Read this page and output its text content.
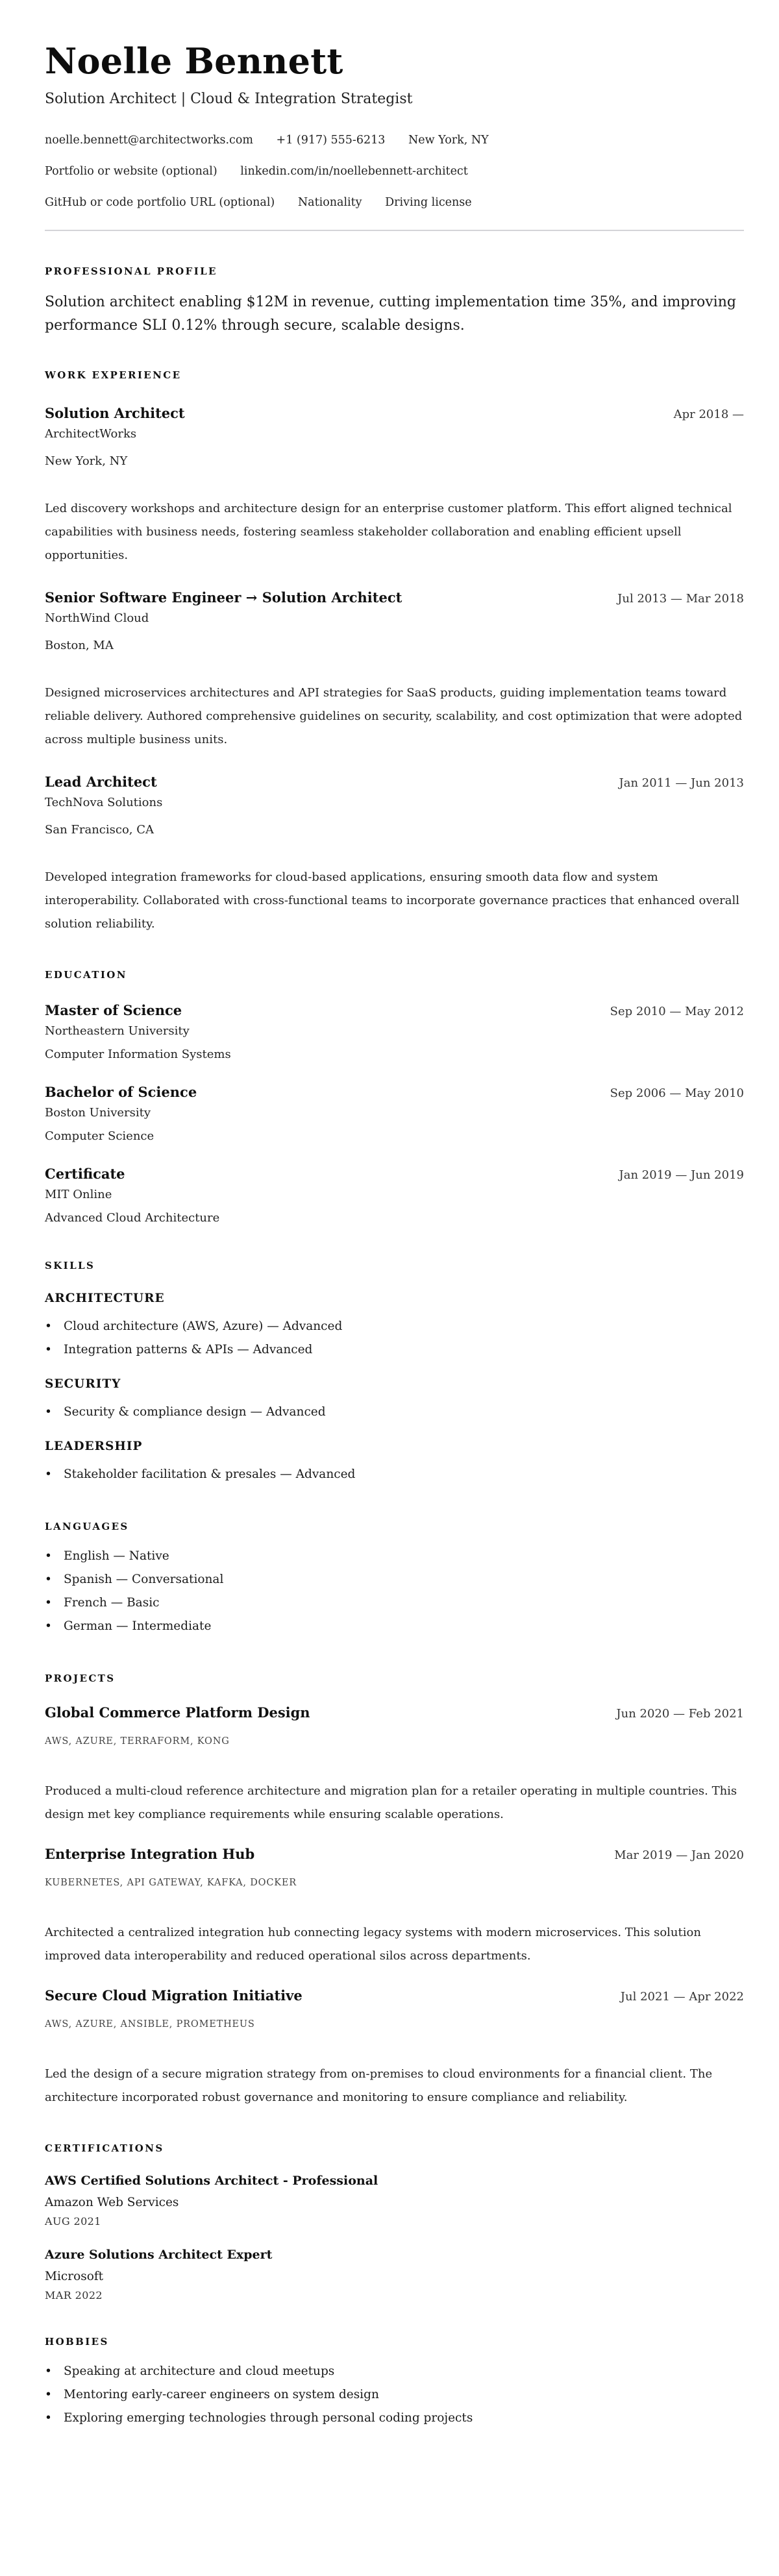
Noelle Bennett
Solution Architect | Cloud & Integration Strategist
noelle.bennett@architectworks.com +1 (917) 555-6213 New York, NY
Portfolio or website (optional) linkedin.com/in/noellebennett-architect
GitHub or code portfolio URL (optional) Nationality Driving license
PROFESSIONAL PROFILE

Solution architect enabling $12M in revenue, cutting implementation time 35%, and improving performance SLI 0.12% through secure, scalable designs.

WORK EXPERIENCE
Solution Architect	Apr 2018 —
ArchitectWorks
New York, NY

Led discovery workshops and architecture design for an enterprise customer platform. This effort aligned technical capabilities with business needs, fostering seamless stakeholder collaboration and enabling efficient upsell opportunities.

Senior Software Engineer → Solution Architect	Jul 2013 — Mar 2018
NorthWind Cloud
Boston, MA

Designed microservices architectures and API strategies for SaaS products, guiding implementation teams toward reliable delivery. Authored comprehensive guidelines on security, scalability, and cost optimization that were adopted across multiple business units.

Lead Architect	Jan 2011 — Jun 2013
TechNova Solutions
San Francisco, CA

Developed integration frameworks for cloud-based applications, ensuring smooth data flow and system interoperability. Collaborated with cross-functional teams to incorporate governance practices that enhanced overall solution reliability.

EDUCATION
Master of Science	Sep 2010 — May 2012
Northeastern University
Computer Information Systems
Bachelor of Science	Sep 2006 — May 2010
Boston University
Computer Science
Certificate	Jan 2019 — Jun 2019
MIT Online
Advanced Cloud Architecture
SKILLS
ARCHITECTURE
• Cloud architecture (AWS, Azure) — Advanced
• Integration patterns & APIs — Advanced
SECURITY
• Security & compliance design — Advanced
LEADERSHIP
• Stakeholder facilitation & presales — Advanced
LANGUAGES
• English — Native
• Spanish — Conversational
• French — Basic
• German — Intermediate
PROJECTS
Global Commerce Platform Design	Jun 2020 — Feb 2021
AWS, AZURE, TERRAFORM, KONG

Produced a multi-cloud reference architecture and migration plan for a retailer operating in multiple countries. This design met key compliance requirements while ensuring scalable operations.

Enterprise Integration Hub	Mar 2019 — Jan 2020
KUBERNETES, API GATEWAY, KAFKA, DOCKER

Architected a centralized integration hub connecting legacy systems with modern microservices. This solution improved data interoperability and reduced operational silos across departments.

Secure Cloud Migration Initiative	Jul 2021 — Apr 2022
AWS, AZURE, ANSIBLE, PROMETHEUS

Led the design of a secure migration strategy from on-premises to cloud environments for a financial client. The architecture incorporated robust governance and monitoring to ensure compliance and reliability.

CERTIFICATIONS
AWS Certified Solutions Architect - Professional
Amazon Web Services
AUG 2021
Azure Solutions Architect Expert
Microsoft
MAR 2022
HOBBIES
• Speaking at architecture and cloud meetups
• Mentoring early-career engineers on system design
• Exploring emerging technologies through personal coding projects
